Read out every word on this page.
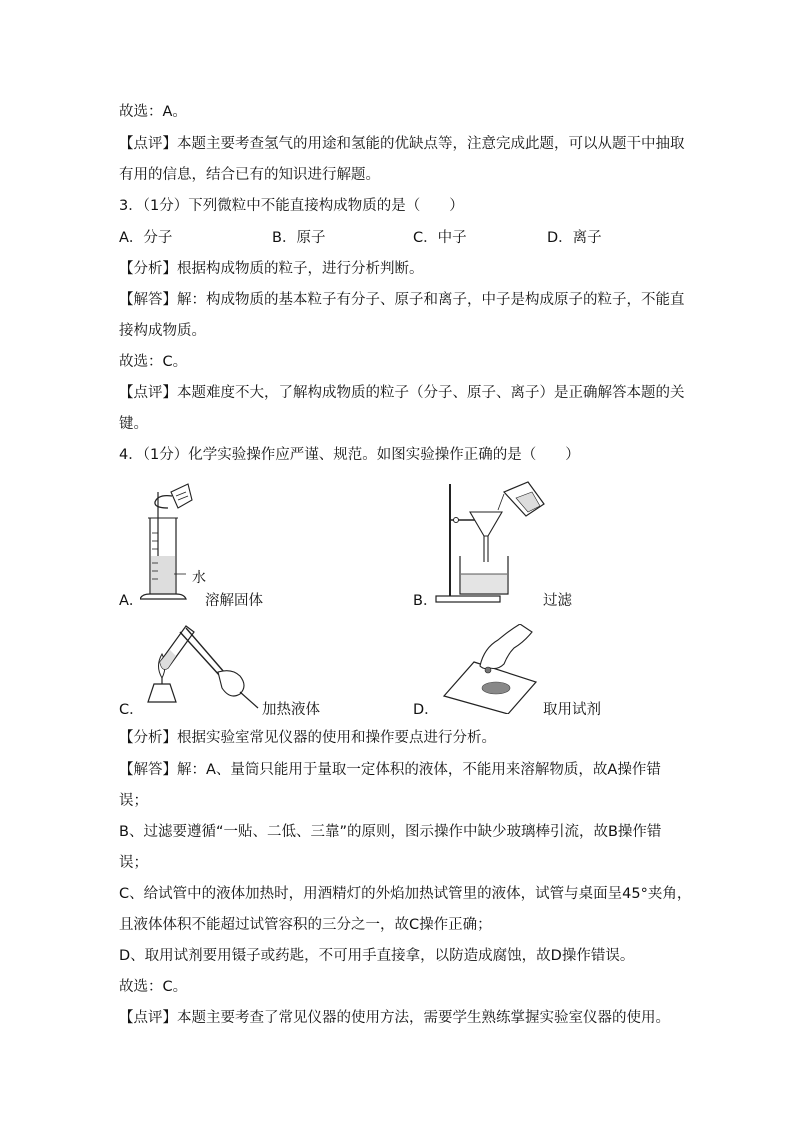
故选：A。
【点评】本题主要考查氢气的用途和氢能的优缺点等，注意完成此题，可以从题干中抽取
有用的信息，结合已有的知识进行解题。
3．（1分）下列微粒中不能直接构成物质的是（　　）
A．分子	B．原子	C．中子	D．离子
【分析】根据构成物质的粒子，进行分析判断。
【解答】解：构成物质的基本粒子有分子、原子和离子，中子是构成原子的粒子，不能直
接构成物质。
故选：C。
【点评】本题难度不大，了解构成物质的粒子（分子、原子、离子）是正确解答本题的关
键。
4．（1分）化学实验操作应严谨、规范。如图实验操作正确的是（　　）
水
A．	溶解固体	B．	过滤
C．	加热液体	D．	取用试剂
【分析】根据实验室常见仪器的使用和操作要点进行分析。
【解答】解：A、量筒只能用于量取一定体积的液体，不能用来溶解物质，故A操作错
误；
B、过滤要遵循“一贴、二低、三靠”的原则，图示操作中缺少玻璃棒引流，故B操作错
误；
C、给试管中的液体加热时，用酒精灯的外焰加热试管里的液体，试管与桌面呈45°夹角，
且液体体积不能超过试管容积的三分之一，故C操作正确；
D、取用试剂要用镊子或药匙，不可用手直接拿，以防造成腐蚀，故D操作错误。
故选：C。
【点评】本题主要考查了常见仪器的使用方法，需要学生熟练掌握实验室仪器的使用。
